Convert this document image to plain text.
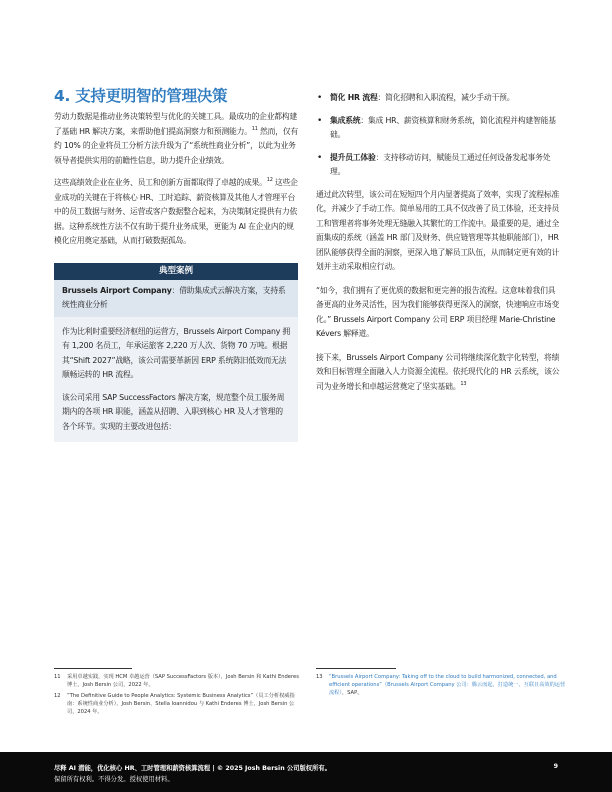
4. 支持更明智的管理决策

劳动力数据是推动业务决策转型与优化的关键工具。最成功的企业都构建了基础 HR 解决方案，来帮助他们提高洞察力和预测能力。$^{11}$ 然而，仅有约 10% 的企业将员工分析方法升级为了“系统性商业分析”，以此为业务领导者提供实用的前瞻性信息，助力提升企业绩效。

这些高绩效企业在业务、员工和创新方面都取得了卓越的成果。$^{12}$ 这些企业成功的关键在于将核心 HR、工时追踪、薪资核算及其他人才管理平台中的员工数据与财务、运营或客户数据整合起来，为决策制定提供有力依据。这种系统性方法不仅有助于提升业务成果，更能为 AI 在企业内的规模化应用奠定基础，从而打破数据孤岛。

典型案例
Brussels Airport Company：借助集成式云解决方案，支持系统性商业分析

作为比利时重要经济枢纽的运营方，Brussels Airport Company 拥有 1,200 名员工，年承运旅客 2,220 万人次、货物 70 万吨。根据其“Shift 2027”战略，该公司需要革新因 ERP 系统陈旧低效而无法顺畅运转的 HR 流程。

该公司采用 SAP SuccessFactors 解决方案，规范整个员工服务周期内的各项 HR 职能，涵盖从招聘、入职到核心 HR 及人才管理的各个环节。实现的主要改进包括：

• 简化 HR 流程：简化招聘和入职流程，减少手动干预。
• 集成系统：集成 HR、薪资核算和财务系统，简化流程并构建智能基础。
• 提升员工体验：支持移动访问，赋能员工通过任何设备发起事务处理。

通过此次转型，该公司在短短四个月内显著提高了效率，实现了流程标准化，并减少了手动工作。简单易用的工具不仅改善了员工体验，还支持员工和管理者将事务处理无缝融入其繁忙的工作流中。最重要的是，通过全面集成的系统（涵盖 HR 部门及财务、供应链管理等其他职能部门），HR 团队能够获得全面的洞察，更深入地了解员工队伍，从而制定更有效的计划并主动采取相应行动。

“如今，我们拥有了更优质的数据和更完善的报告流程。这意味着我们具备更高的业务灵活性，因为我们能够获得更深入的洞察，快速响应市场变化。” Brussels Airport Company 公司 ERP 项目经理 Marie-Christine Kévers 解释道。

接下来，Brussels Airport Company 公司将继续深化数字化转型，将绩效和目标管理全面融入人力资源全流程。依托现代化的 HR 云系统，该公司为业务增长和卓越运营奠定了坚实基础。$^{13}$

11 采用卓越实践，实现 HCM 卓越运营（SAP SuccessFactors 版本），Josh Bersin 和 Kathi Enderes 博士，Josh Bersin 公司，2022 年。
12 “The Definitive Guide to People Analytics: Systemic Business Analytics”（员工分析权威指南：系统性商业分析），Josh Bersin、Stella Ioannidou 与 Kathi Enderes 博士，Josh Bersin 公司，2024 年。
13 “Brussels Airport Company: Taking off to the cloud to build harmonized, connected, and efficient operations”（Brussels Airport Company 公司：腾云而起，打造统一、互联且高效的运营流程），SAP。
尽释 AI 潜能，优化核心 HR、工时管理和薪资核算流程 | © 2025 Josh Bersin 公司版权所有。
保留所有权利。不得分发。授权使用材料。
9
